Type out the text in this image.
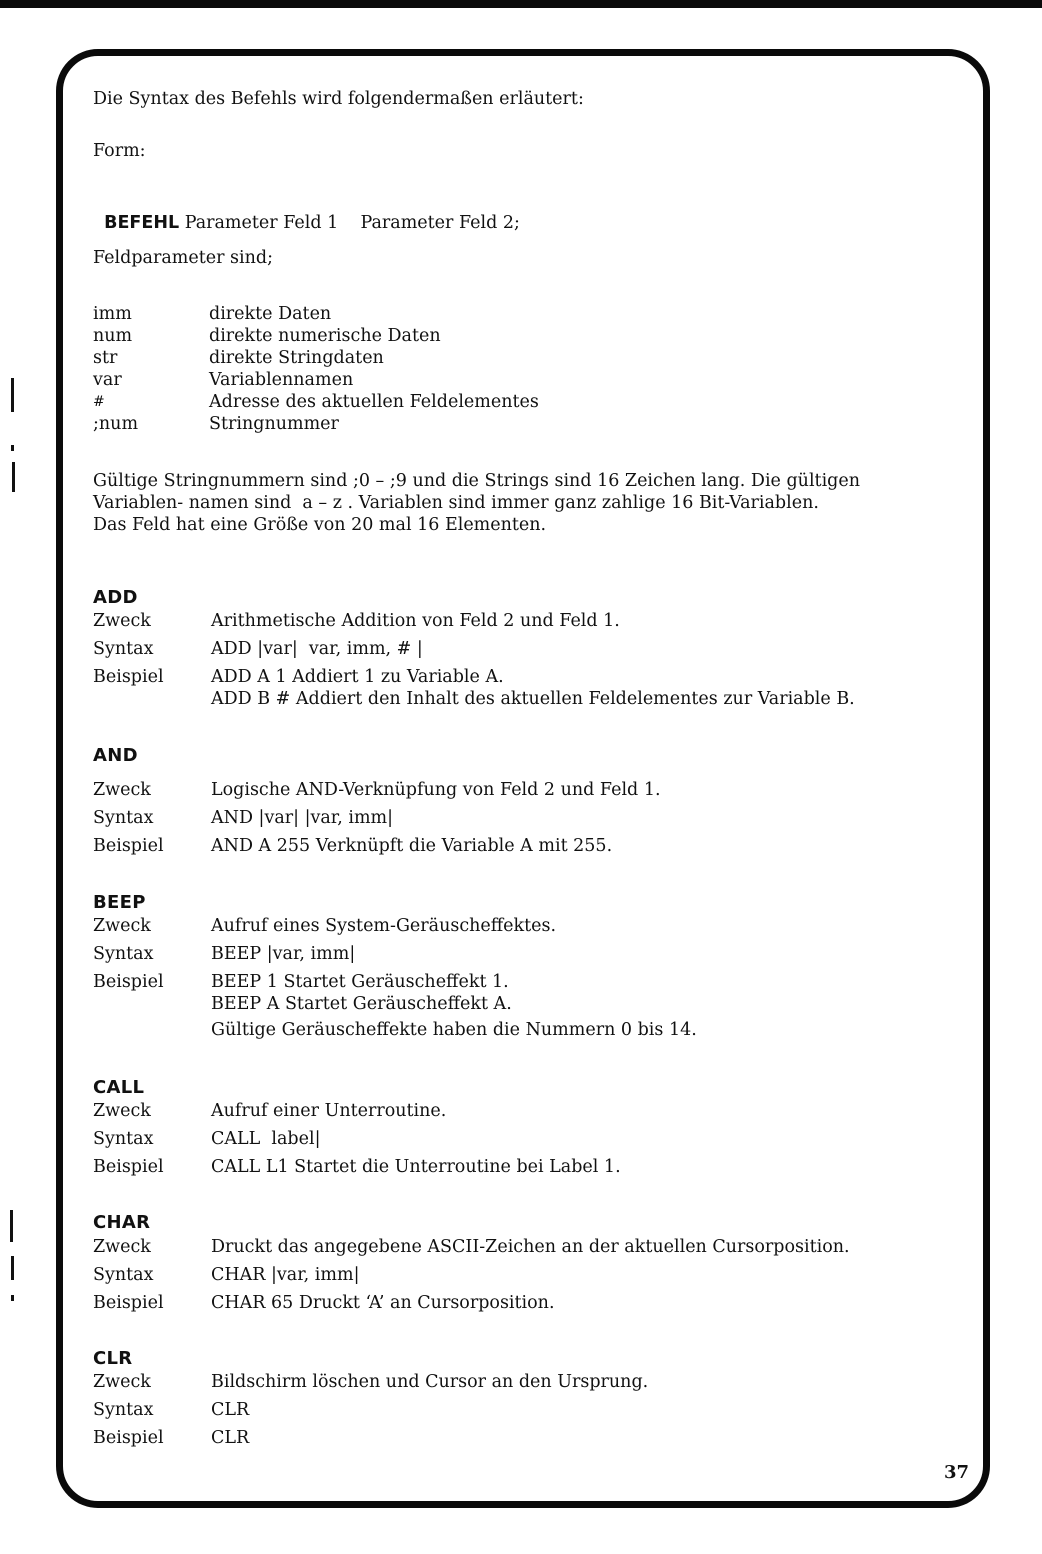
Die Syntax des Befehls wird folgendermaßen erläutert:
Form:

BEFEHL Parameter Feld 1    Parameter Feld 2;

Feldparameter sind;
imm	direkte Daten
num	direkte numerische Daten
str	direkte Stringdaten
var	Variablennamen
#	Adresse des aktuellen Feldelementes
;num	Stringnummer
Gültige Stringnummern sind ;0 – ;9 und die Strings sind 16 Zeichen lang. Die gültigen
Variablen- namen sind  a – z . Variablen sind immer ganz zahlige 16 Bit-Variablen.
Das Feld hat eine Größe von 20 mal 16 Elementen.
ADD
Zweck	Arithmetische Addition von Feld 2 und Feld 1.
Syntax	ADD |var|  var, imm, # |
Beispiel	ADD A 1 Addiert 1 zu Variable A.
ADD B # Addiert den Inhalt des aktuellen Feldelementes zur Variable B.
AND
Zweck	Logische AND-Verknüpfung von Feld 2 und Feld 1.
Syntax	AND |var| |var, imm|
Beispiel	AND A 255 Verknüpft die Variable A mit 255.
BEEP
Zweck	Aufruf eines System-Geräuscheffektes.
Syntax	BEEP |var, imm|
Beispiel	BEEP 1 Startet Geräuscheffekt 1.
BEEP A Startet Geräuscheffekt A.
Gültige Geräuscheffekte haben die Nummern 0 bis 14.
CALL
Zweck	Aufruf einer Unterroutine.
Syntax	CALL  label|
Beispiel	CALL L1 Startet die Unterroutine bei Label 1.
CHAR
Zweck	Druckt das angegebene ASCII-Zeichen an der aktuellen Cursorposition.
Syntax	CHAR |var, imm|
Beispiel	CHAR 65 Druckt ‘A’ an Cursorposition.
CLR
Zweck	Bildschirm löschen und Cursor an den Ursprung.
Syntax	CLR
Beispiel	CLR
37
